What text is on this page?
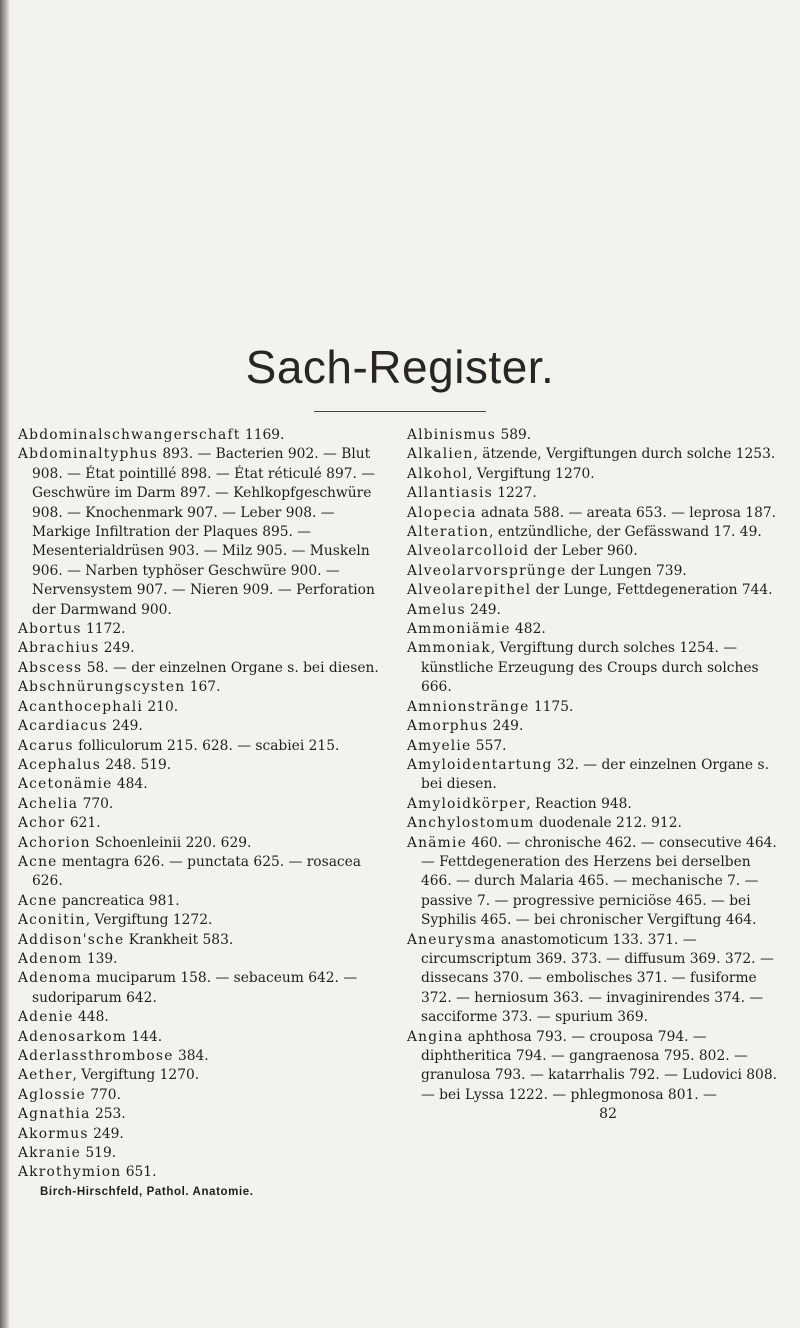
Sach-Register.

Abdominalschwangerschaft 1169.

Abdominaltyphus 893. — Bacterien 902. — Blut 908. — État pointillé 898. — État réticulé 897. — Geschwüre im Darm 897. — Kehlkopfgeschwüre 908. — Knochenmark 907. — Leber 908. — Markige Infiltration der Plaques 895. — Mesenterialdrüsen 903. — Milz 905. — Muskeln 906. — Narben typhöser Geschwüre 900. — Nervensystem 907. — Nieren 909. — Perforation der Darmwand 900.

Abortus 1172.

Abrachius 249.

Abscess 58. — der einzelnen Organe s. bei diesen.

Abschnürungscysten 167.

Acanthocephali 210.

Acardiacus 249.

Acarus folliculorum 215. 628. — scabiei 215.

Acephalus 248. 519.

Acetonämie 484.

Achelia 770.

Achor 621.

Achorion Schoenleinii 220. 629.

Acne mentagra 626. — punctata 625. — rosacea 626.

Acne pancreatica 981.

Aconitin, Vergiftung 1272.

Addison'sche Krankheit 583.

Adenom 139.

Adenoma muciparum 158. — sebaceum 642. — sudoriparum 642.

Adenie 448.

Adenosarkom 144.

Aderlassthrombose 384.

Aether, Vergiftung 1270.

Aglossie 770.

Agnathia 253.

Akormus 249.

Akranie 519.

Akrothymion 651.

Birch-Hirschfeld, Pathol. Anatomie.

Albinismus 589.

Alkalien, ätzende, Vergiftungen durch solche 1253.

Alkohol, Vergiftung 1270.

Allantiasis 1227.

Alopecia adnata 588. — areata 653. — leprosa 187.

Alteration, entzündliche, der Gefässwand 17. 49.

Alveolarcolloid der Leber 960.

Alveolarvorsprünge der Lungen 739.

Alveolarepithel der Lunge, Fettdegeneration 744.

Amelus 249.

Ammoniämie 482.

Ammoniak, Vergiftung durch solches 1254. — künstliche Erzeugung des Croups durch solches 666.

Amnionstränge 1175.

Amorphus 249.

Amyelie 557.

Amyloidentartung 32. — der einzelnen Organe s. bei diesen.

Amyloidkörper, Reaction 948.

Anchylostomum duodenale 212. 912.

Anämie 460. — chronische 462. — consecutive 464. — Fettdegeneration des Herzens bei derselben 466. — durch Malaria 465. — mechanische 7. — passive 7. — progressive perniciöse 465. — bei Syphilis 465. — bei chronischer Vergiftung 464.

Aneurysma anastomoticum 133. 371. — circumscriptum 369. 373. — diffusum 369. 372. — dissecans 370. — embolisches 371. — fusiforme 372. — herniosum 363. — invaginirendes 374. — sacciforme 373. — spurium 369.

Angina aphthosa 793. — crouposa 794. — diphtheritica 794. — gangraenosa 795. 802. — granulosa 793. — katarrhalis 792. — Ludovici 808. — bei Lyssa 1222. — phlegmonosa 801. —

82
